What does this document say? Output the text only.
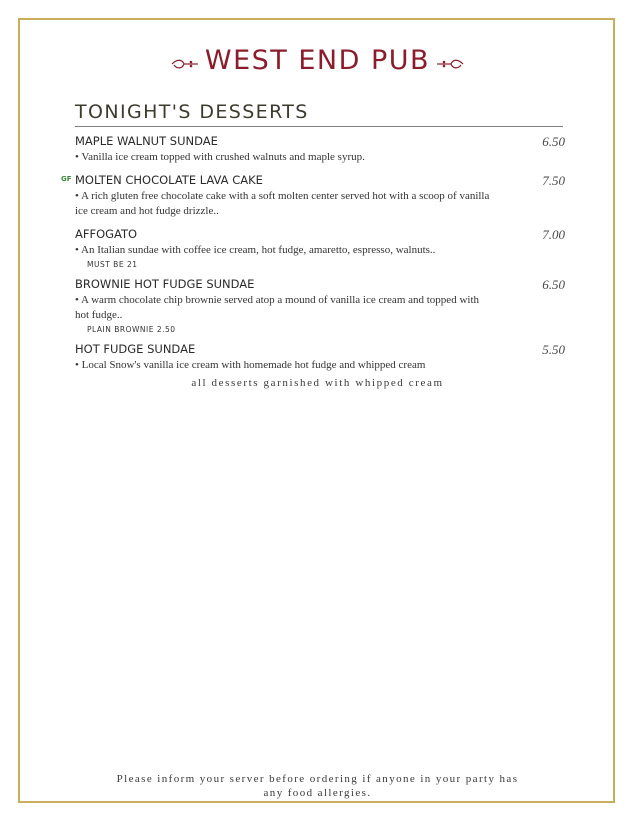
WEST END PUB
TONIGHT'S DESSERTS
MAPLE WALNUT SUNDAE	6.50
• Vanilla ice cream topped with crushed walnuts and maple syrup.
GF MOLTEN CHOCOLATE LAVA CAKE	7.50
• A rich gluten free chocolate cake with a soft molten center served hot with a scoop of vanilla ice cream and hot fudge drizzle..
AFFOGATO	7.00
• An Italian sundae with coffee ice cream, hot fudge, amaretto, espresso, walnuts..
MUST BE 21
BROWNIE HOT FUDGE SUNDAE	6.50
• A warm chocolate chip brownie served atop a mound of vanilla ice cream and topped with hot fudge..
PLAIN BROWNIE 2.50
HOT FUDGE SUNDAE	5.50
• Local Snow's vanilla ice cream with homemade hot fudge and whipped cream
all desserts garnished with whipped cream
Please inform your server before ordering if anyone in your party has
any food allergies.
